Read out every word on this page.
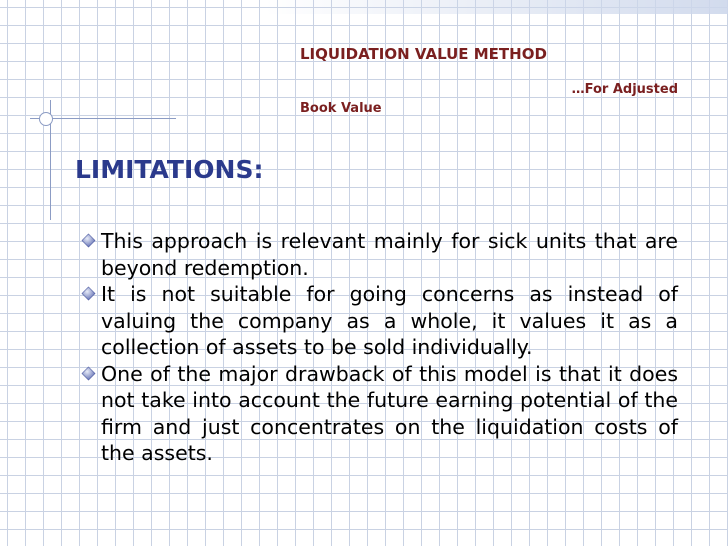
LIQUIDATION VALUE METHOD
…For Adjusted
Book Value
LIMITATIONS:
This approach is relevant mainly for sick units that are beyond redemption.
It is not suitable for going concerns as instead of valuing the company as a whole, it values it as a collection of assets to be sold individually.
One of the major drawback of this model is that it does not take into account the future earning potential of the firm and just concentrates on the liquidation costs of the assets.
